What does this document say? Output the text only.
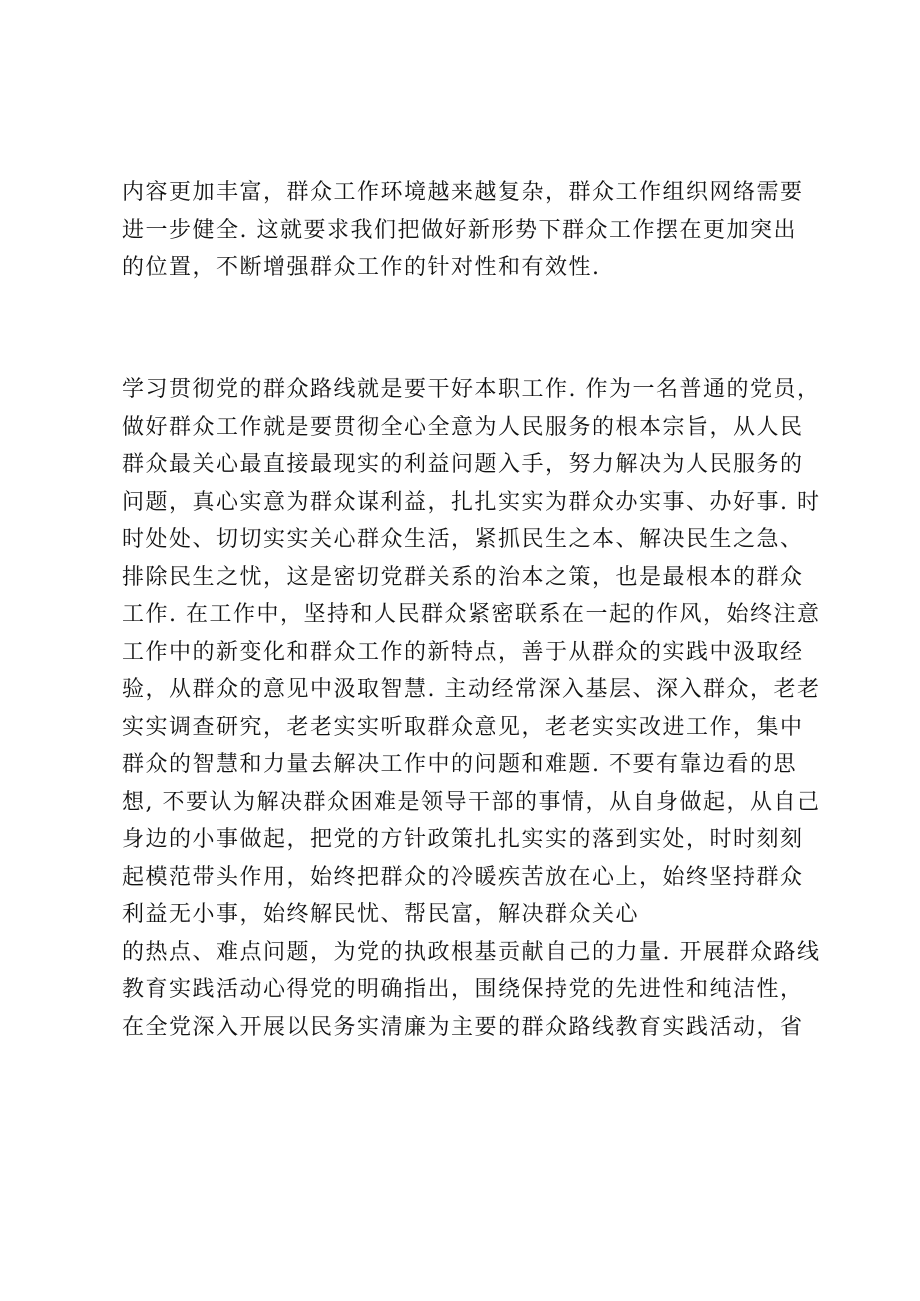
内容更加丰富，群众工作环境越来越复杂，群众工作组织网络需要
进一步健全. 这就要求我们把做好新形势下群众工作摆在更加突出
的位置，不断增强群众工作的针对性和有效性.
学习贯彻党的群众路线就是要干好本职工作. 作为一名普通的党员，
做好群众工作就是要贯彻全心全意为人民服务的根本宗旨，从人民
群众最关心最直接最现实的利益问题入手，努力解决为人民服务的
问题，真心实意为群众谋利益，扎扎实实为群众办实事、办好事. 时
时处处、切切实实关心群众生活，紧抓民生之本、解决民生之急、
排除民生之忧，这是密切党群关系的治本之策，也是最根本的群众
工作. 在工作中，坚持和人民群众紧密联系在一起的作风，始终注意
工作中的新变化和群众工作的新特点，善于从群众的实践中汲取经
验，从群众的意见中汲取智慧. 主动经常深入基层、深入群众，老老
实实调查研究，老老实实听取群众意见，老老实实改进工作，集中
群众的智慧和力量去解决工作中的问题和难题. 不要有靠边看的思
想, 不要认为解决群众困难是领导干部的事情，从自身做起，从自己
身边的小事做起，把党的方针政策扎扎实实的落到实处，时时刻刻
起模范带头作用，始终把群众的冷暖疾苦放在心上，始终坚持群众
利益无小事，始终解民忧、帮民富，解决群众关心
的热点、难点问题，为党的执政根基贡献自己的力量. 开展群众路线
教育实践活动心得党的明确指出，围绕保持党的先进性和纯洁性，
在全党深入开展以民务实清廉为主要的群众路线教育实践活动，省
